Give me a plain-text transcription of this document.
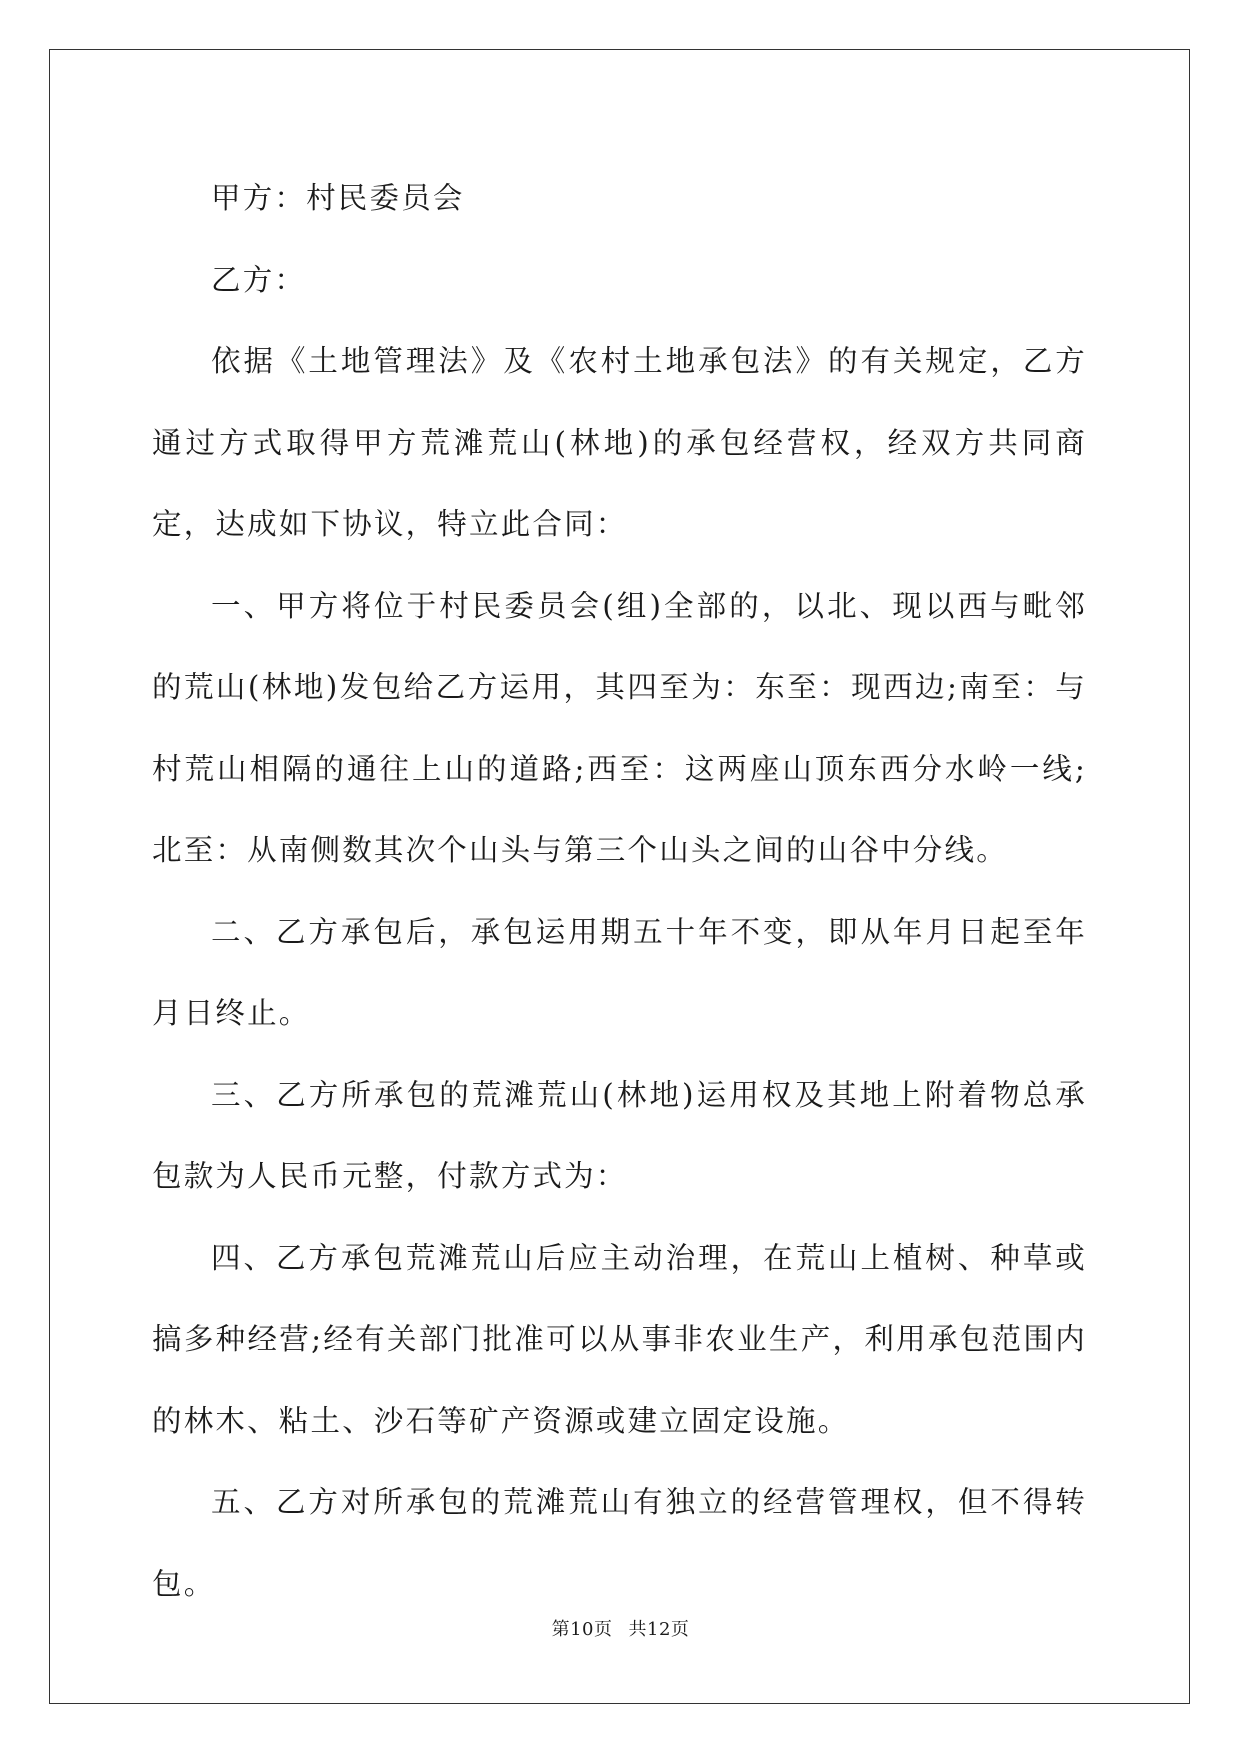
甲方：村民委员会

乙方：

依据《土地管理法》及《农村土地承包法》的有关规定，乙方通过方式取得甲方荒滩荒山(林地)的承包经营权，经双方共同商定，达成如下协议，特立此合同：

一、甲方将位于村民委员会(组)全部的，以北、现以西与毗邻的荒山(林地)发包给乙方运用，其四至为：东至：现西边;南至：与村荒山相隔的通往上山的道路;西至：这两座山顶东西分水岭一线;北至：从南侧数其次个山头与第三个山头之间的山谷中分线。

二、乙方承包后，承包运用期五十年不变，即从年月日起至年月日终止。

三、乙方所承包的荒滩荒山(林地)运用权及其地上附着物总承包款为人民币元整，付款方式为：

四、乙方承包荒滩荒山后应主动治理，在荒山上植树、种草或搞多种经营;经有关部门批准可以从事非农业生产，利用承包范围内的林木、粘土、沙石等矿产资源或建立固定设施。

五、乙方对所承包的荒滩荒山有独立的经营管理权，但不得转包。

第10页 共12页
